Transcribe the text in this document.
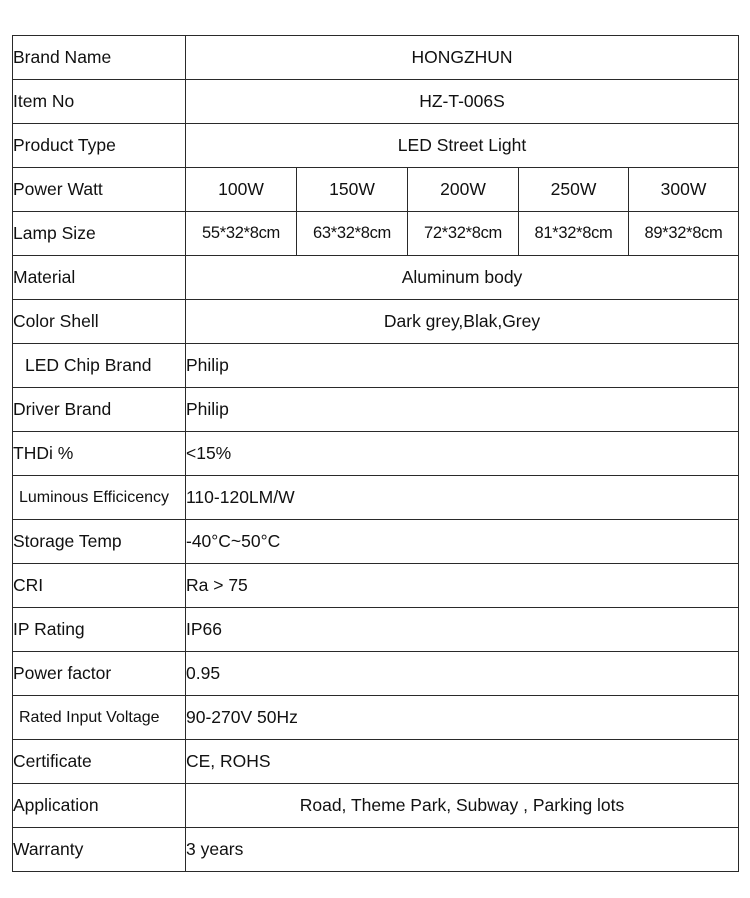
Brand Name	HONGZHUN				
Item No	HZ-T-006S				
Product Type	LED Street Light				
Power Watt	100W	150W	200W	250W	300W
Lamp Size	55*32*8cm	63*32*8cm	72*32*8cm	81*32*8cm	89*32*8cm
Material	Aluminum body				
Color Shell	Dark grey,Blak,Grey				
LED Chip Brand	Philip				
Driver Brand	Philip				
THDi %	<15%				
Luminous Efficicency	110-120LM/W				
Storage Temp	-40°C~50°C				
CRI	Ra > 75				
IP Rating	IP66				
Power factor	0.95				
Rated Input Voltage	90-270V 50Hz				
Certificate	CE, ROHS				
Application	Road, Theme Park, Subway , Parking lots				
Warranty	3 years				
